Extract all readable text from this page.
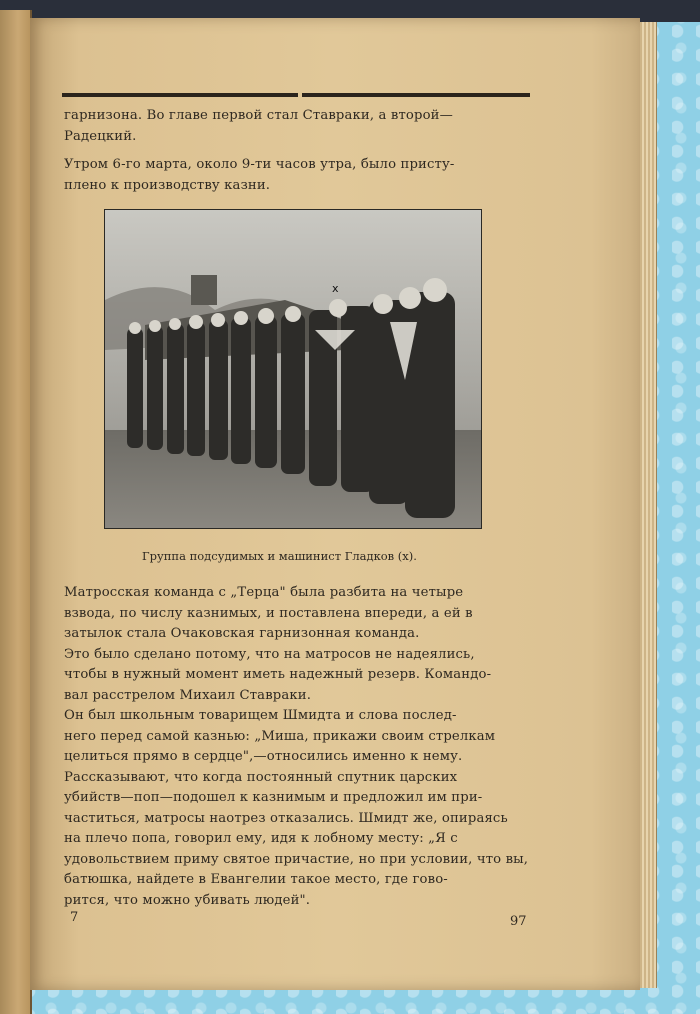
гарнизона. Во главе первой стал Ставраки, а второй—
Радецкий.
Утром 6-го марта, около 9-ти часов утра, было присту-
пленo к производству казни.
x
Группа подсудимых и машинист Гладков (x).
Матросская команда с „Терца" была разбита на четыре
взвода, по числу казнимых, и поставлена впереди, а ей в
затылок стала Очаковская гарнизонная команда.
Это было сделано потому, что на матросов не надеялись,
чтобы в нужный момент иметь надежный резерв. Командо-
вал расстрелом Михаил Ставраки.
Он был школьным товарищем Шмидта и слова послед-
него перед самой казнью: „Миша, прикажи своим стрелкам
целиться прямо в сердце",—относились именно к нему.
Рассказывают, что когда постоянный спутник царских
убийств—поп—подошел к казнимым и предложил им при-
частиться, матросы наотрез отказались. Шмидт же, опираясь
на плечо попа, говорил ему, идя к лобному месту: „Я с
удовольствием приму святое причастие, но при условии, что вы,
батюшка, найдете в Евангелии такое место, где гово-
рится, что можно убивать людей".
7	97
